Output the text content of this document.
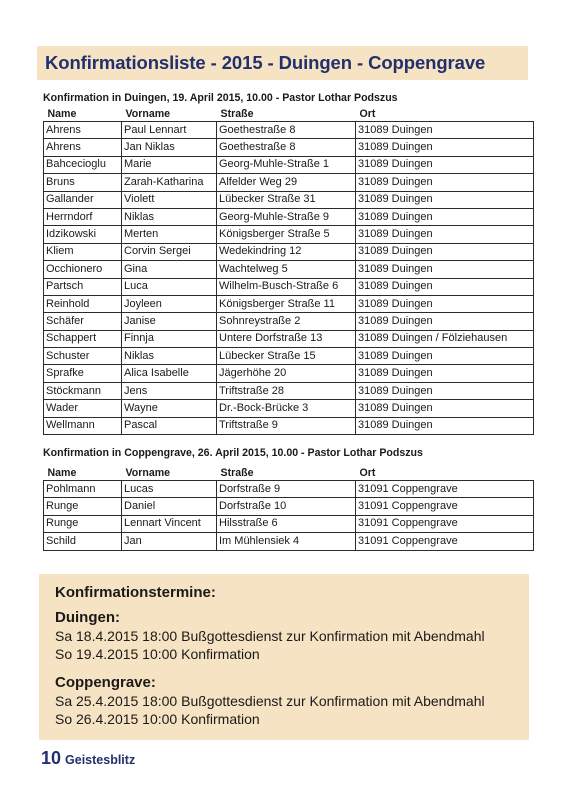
Konfirmationsliste - 2015 - Duingen - Coppengrave
Konfirmation in Duingen, 19. April 2015, 10.00 - Pastor Lothar Podszus
Name	Vorname	Straße	Ort
Ahrens	Paul Lennart	Goethestraße 8	31089 Duingen
Ahrens	Jan Niklas	Goethestraße 8	31089 Duingen
Bahcecioglu	Marie	Georg-Muhle-Straße 1	31089 Duingen
Bruns	Zarah-Katharina	Alfelder Weg 29	31089 Duingen
Gallander	Violett	Lübecker Straße 31	31089 Duingen
Herrndorf	Niklas	Georg-Muhle-Straße 9	31089 Duingen
Idzikowski	Merten	Königsberger Straße 5	31089 Duingen
Kliem	Corvin Sergei	Wedekindring 12	31089 Duingen
Occhionero	Gina	Wachtelweg 5	31089 Duingen
Partsch	Luca	Wilhelm-Busch-Straße 6	31089 Duingen
Reinhold	Joyleen	Königsberger Straße 11	31089 Duingen
Schäfer	Janise	Sohnreystraße 2	31089 Duingen
Schappert	Finnja	Untere Dorfstraße 13	31089 Duingen / Fölziehausen
Schuster	Niklas	Lübecker Straße 15	31089 Duingen
Sprafke	Alica Isabelle	Jägerhöhe 20	31089 Duingen
Stöckmann	Jens	Triftstraße 28	31089 Duingen
Wader	Wayne	Dr.-Bock-Brücke 3	31089 Duingen
Wellmann	Pascal	Triftstraße 9	31089 Duingen
Konfirmation in Coppengrave, 26. April 2015, 10.00 - Pastor Lothar Podszus
Name	Vorname	Straße	Ort
Pohlmann	Lucas	Dorfstraße 9	31091 Coppengrave
Runge	Daniel	Dorfstraße 10	31091 Coppengrave
Runge	Lennart Vincent	Hilsstraße 6	31091 Coppengrave
Schild	Jan	Im Mühlensiek 4	31091 Coppengrave
Konfirmationstermine:
Duingen:
Sa 18.4.2015 18:00 Bußgottesdienst zur Konfirmation mit Abendmahl
So 19.4.2015 10:00 Konfirmation
Coppengrave:
Sa 25.4.2015 18:00 Bußgottesdienst zur Konfirmation mit Abendmahl
So 26.4.2015 10:00 Konfirmation
10 Geistesblitz
